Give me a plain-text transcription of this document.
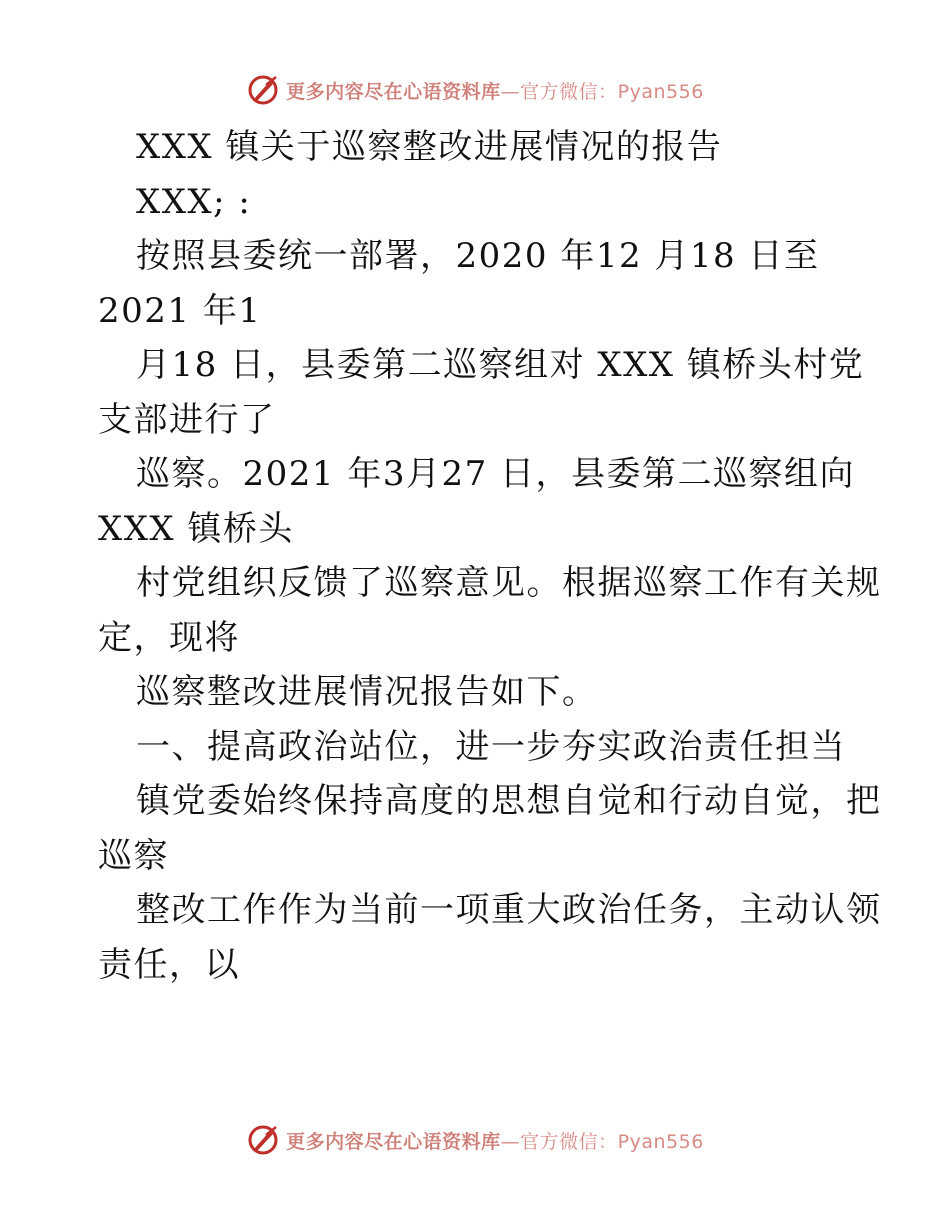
更多内容尽在心语资料库—官方微信：Pyan556
XXX 镇关于巡察整改进展情况的报告
XXX; :
按照县委统一部署，2020 年12 月18 日至
2021 年1
月18 日，县委第二巡察组对 XXX 镇桥头村党
支部进行了
巡察。2021 年3月27 日，县委第二巡察组向
XXX 镇桥头
村党组织反馈了巡察意见。根据巡察工作有关规
定，现将
巡察整改进展情况报告如下。
一、提高政治站位，进一步夯实政治责任担当
镇党委始终保持高度的思想自觉和行动自觉，把
巡察
整改工作作为当前一项重大政治任务，主动认领
责任，以
更多内容尽在心语资料库—官方微信：Pyan556
